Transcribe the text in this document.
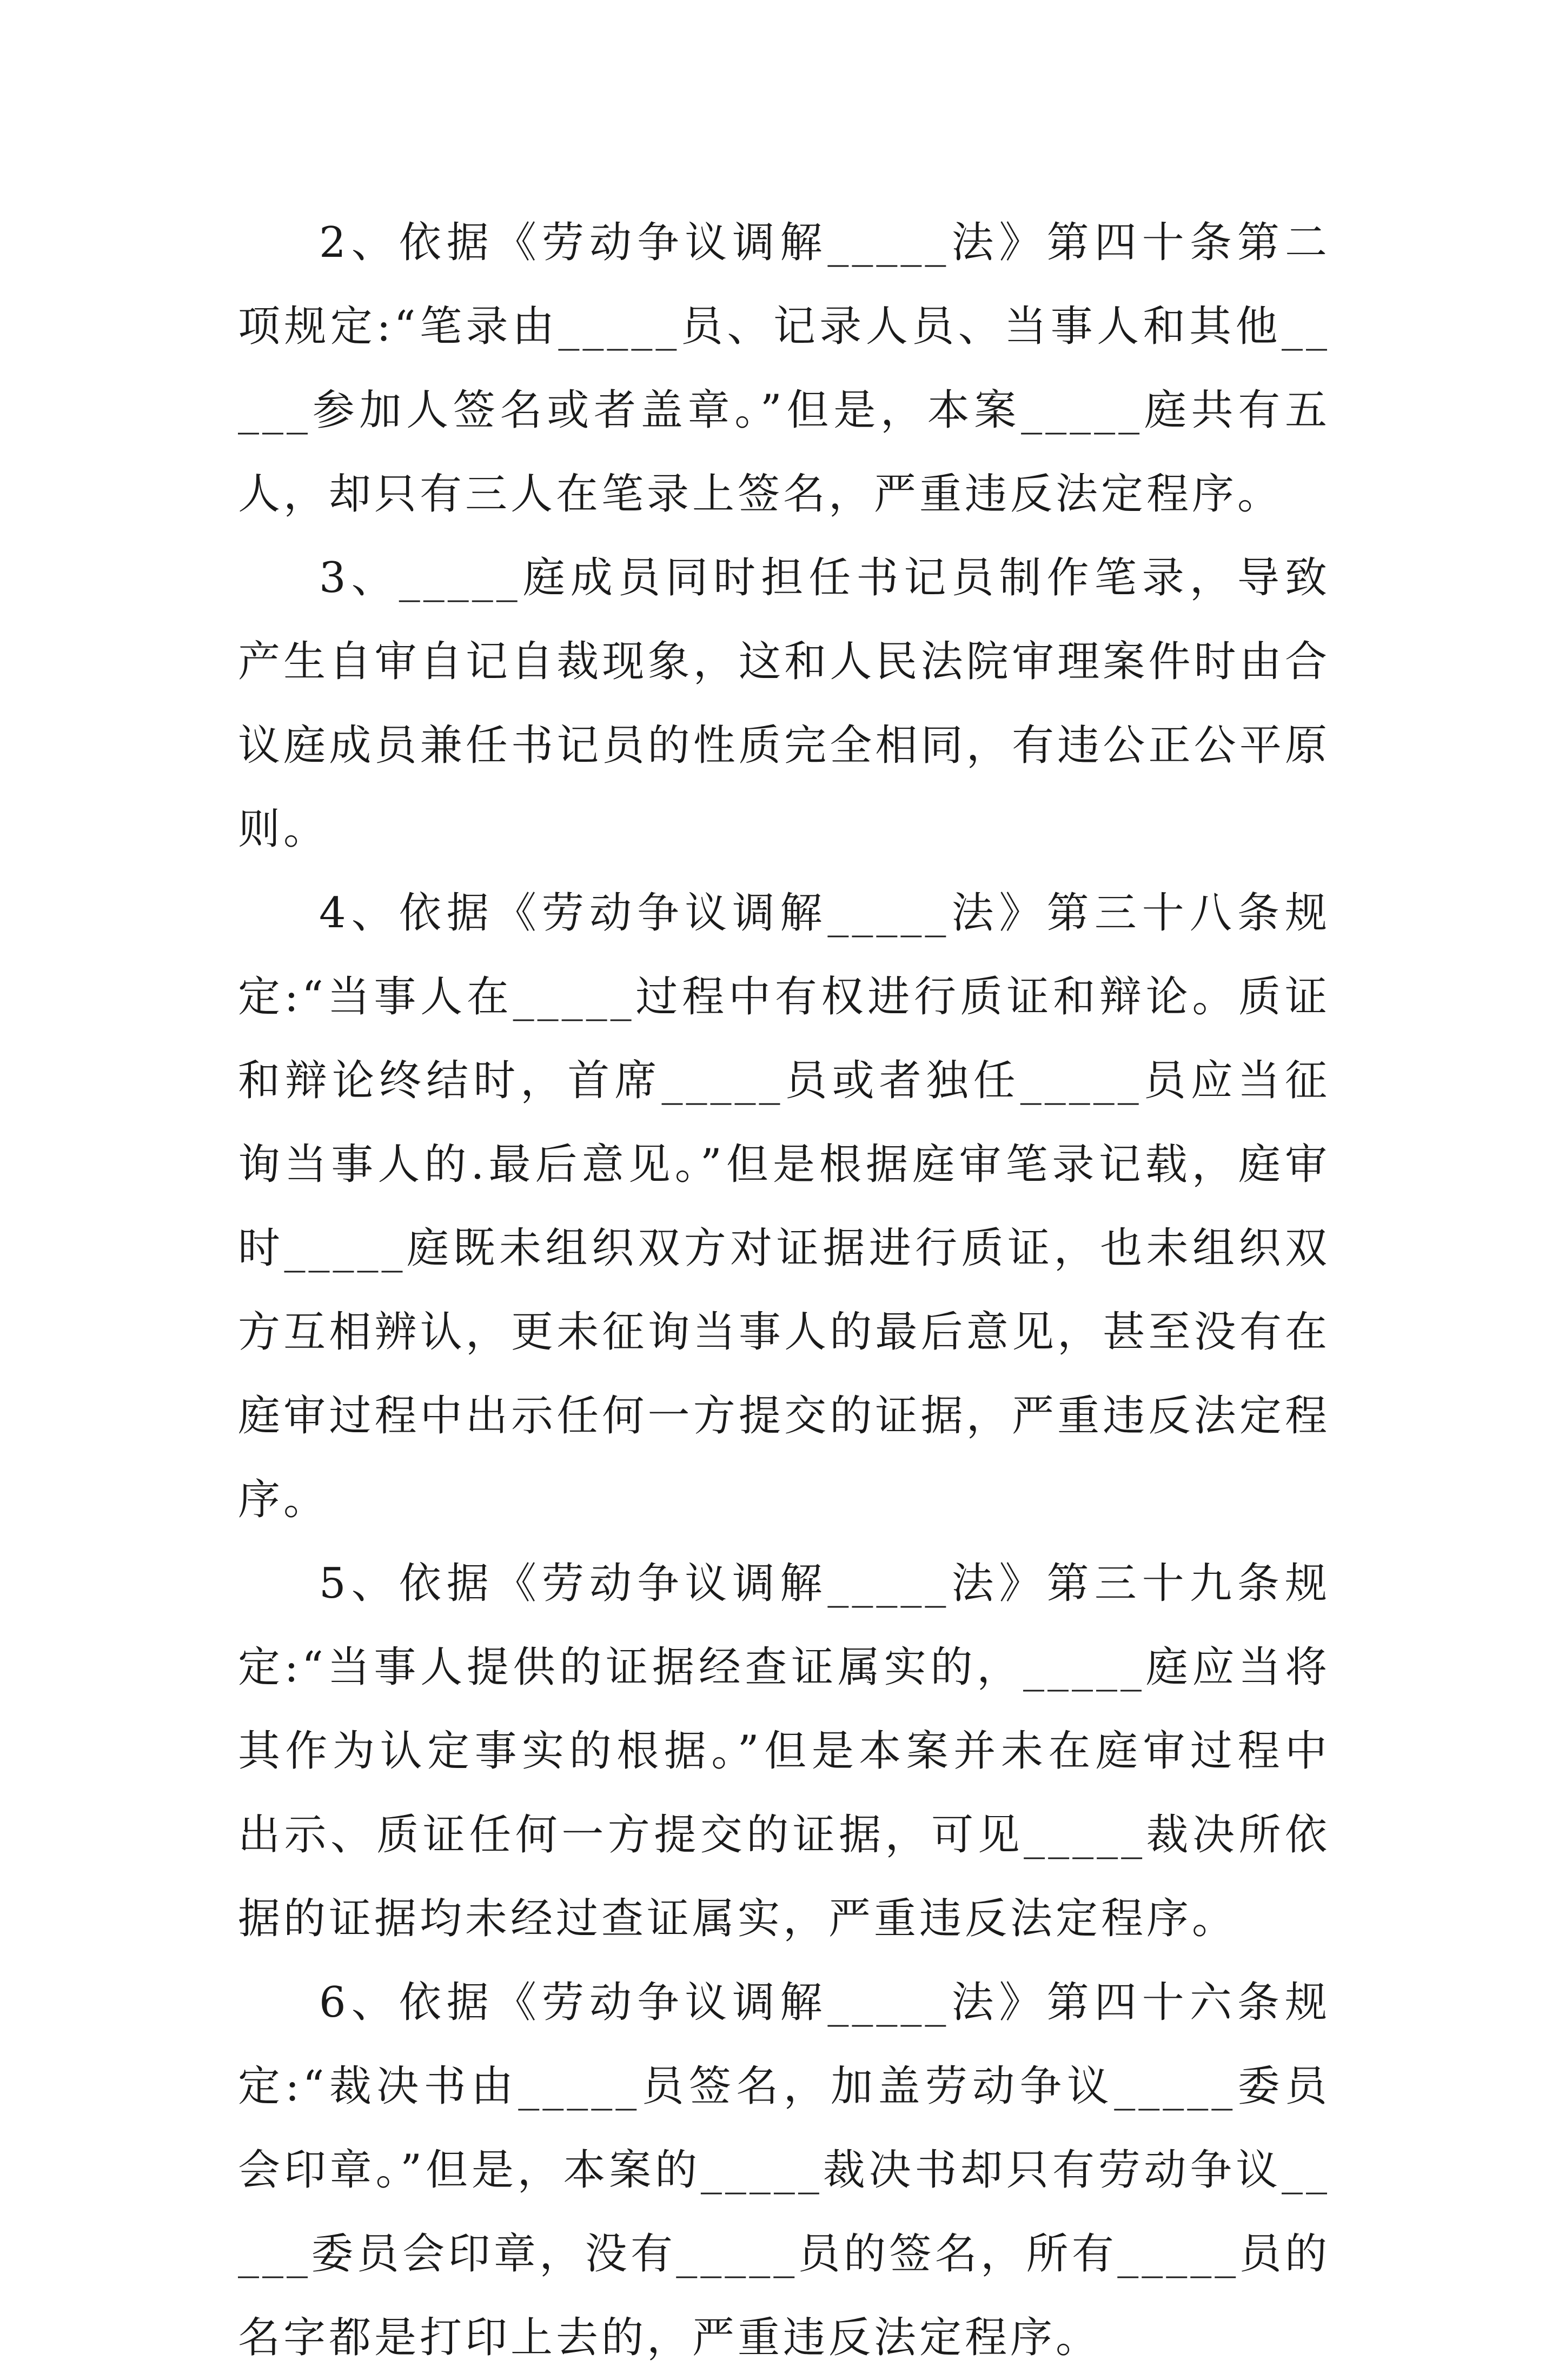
2、依据《劳动争议调解_____法》第四十条第二项规定:“笔录由_____员、记录人员、当事人和其他_____参加人签名或者盖章。”但是，本案_____庭共有五人，却只有三人在笔录上签名，严重违反法定程序。

3、_____庭成员同时担任书记员制作笔录，导致产生自审自记自裁现象，这和人民法院审理案件时由合议庭成员兼任书记员的性质完全相同，有违公正公平原则。

4、依据《劳动争议调解_____法》第三十八条规定:“当事人在_____过程中有权进行质证和辩论。质证和辩论终结时，首席_____员或者独任_____员应当征询当事人的.最后意见。”但是根据庭审笔录记载，庭审时_____庭既未组织双方对证据进行质证，也未组织双方互相辨认，更未征询当事人的最后意见，甚至没有在庭审过程中出示任何一方提交的证据，严重违反法定程序。

5、依据《劳动争议调解_____法》第三十九条规定:“当事人提供的证据经查证属实的，_____庭应当将其作为认定事实的根据。”但是本案并未在庭审过程中出示、质证任何一方提交的证据，可见_____裁决所依据的证据均未经过查证属实，严重违反法定程序。

6、依据《劳动争议调解_____法》第四十六条规定:“裁决书由_____员签名，加盖劳动争议_____委员会印章。”但是，本案的_____裁决书却只有劳动争议_____委员会印章，没有_____员的签名，所有_____员的名字都是打印上去的，严重违反法定程序。
